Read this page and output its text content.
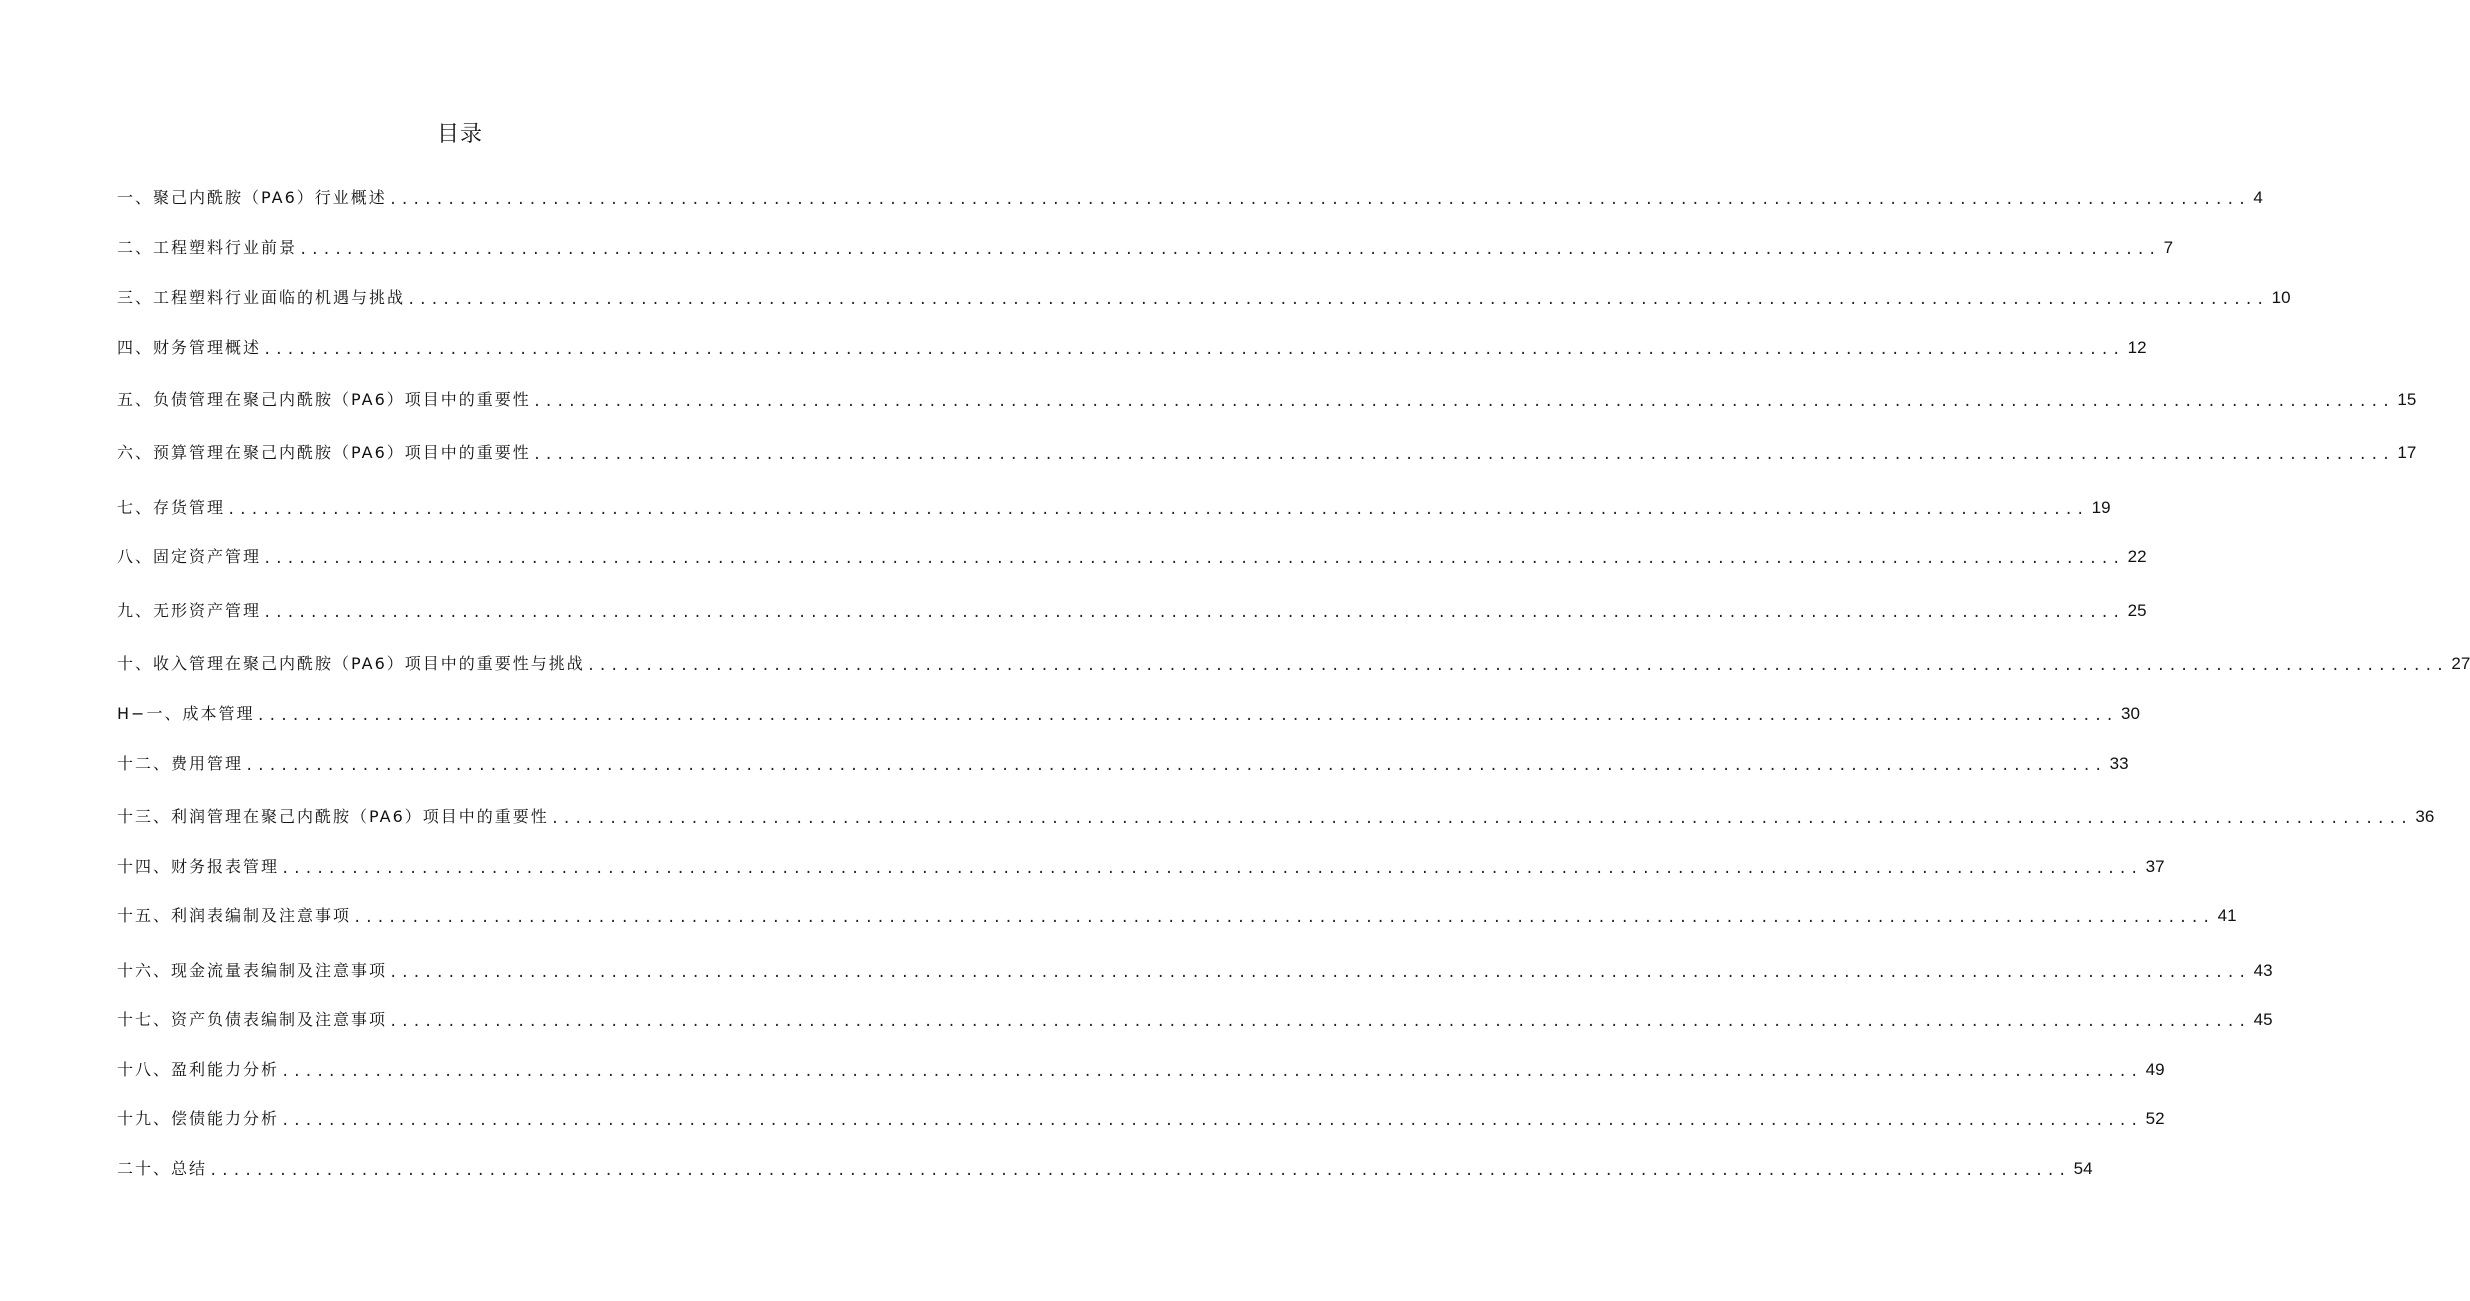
目录
一、聚己内酰胺（PA6）行业概述 ................................................................................................................................................................ 4
二、工程塑料行业前景 ................................................................................................................................................................ 7
三、工程塑料行业面临的机遇与挑战 ................................................................................................................................................................ 10
四、财务管理概述 ................................................................................................................................................................ 12
五、负债管理在聚己内酰胺（PA6）项目中的重要性 ................................................................................................................................................................ 15
六、预算管理在聚己内酰胺（PA6）项目中的重要性 ................................................................................................................................................................ 17
七、存货管理 ................................................................................................................................................................ 19
八、固定资产管理 ................................................................................................................................................................ 22
九、无形资产管理 ................................................................................................................................................................ 25
十、收入管理在聚己内酰胺（PA6）项目中的重要性与挑战 ................................................................................................................................................................ 27
H−一、成本管理 ................................................................................................................................................................ 30
十二、费用管理 ................................................................................................................................................................ 33
十三、利润管理在聚己内酰胺（PA6）项目中的重要性 ................................................................................................................................................................ 36
十四、财务报表管理 ................................................................................................................................................................ 37
十五、利润表编制及注意事项 ................................................................................................................................................................ 41
十六、现金流量表编制及注意事项 ................................................................................................................................................................ 43
十七、资产负债表编制及注意事项 ................................................................................................................................................................ 45
十八、盈利能力分析 ................................................................................................................................................................ 49
十九、偿债能力分析 ................................................................................................................................................................ 52
二十、总结 ................................................................................................................................................................ 54
